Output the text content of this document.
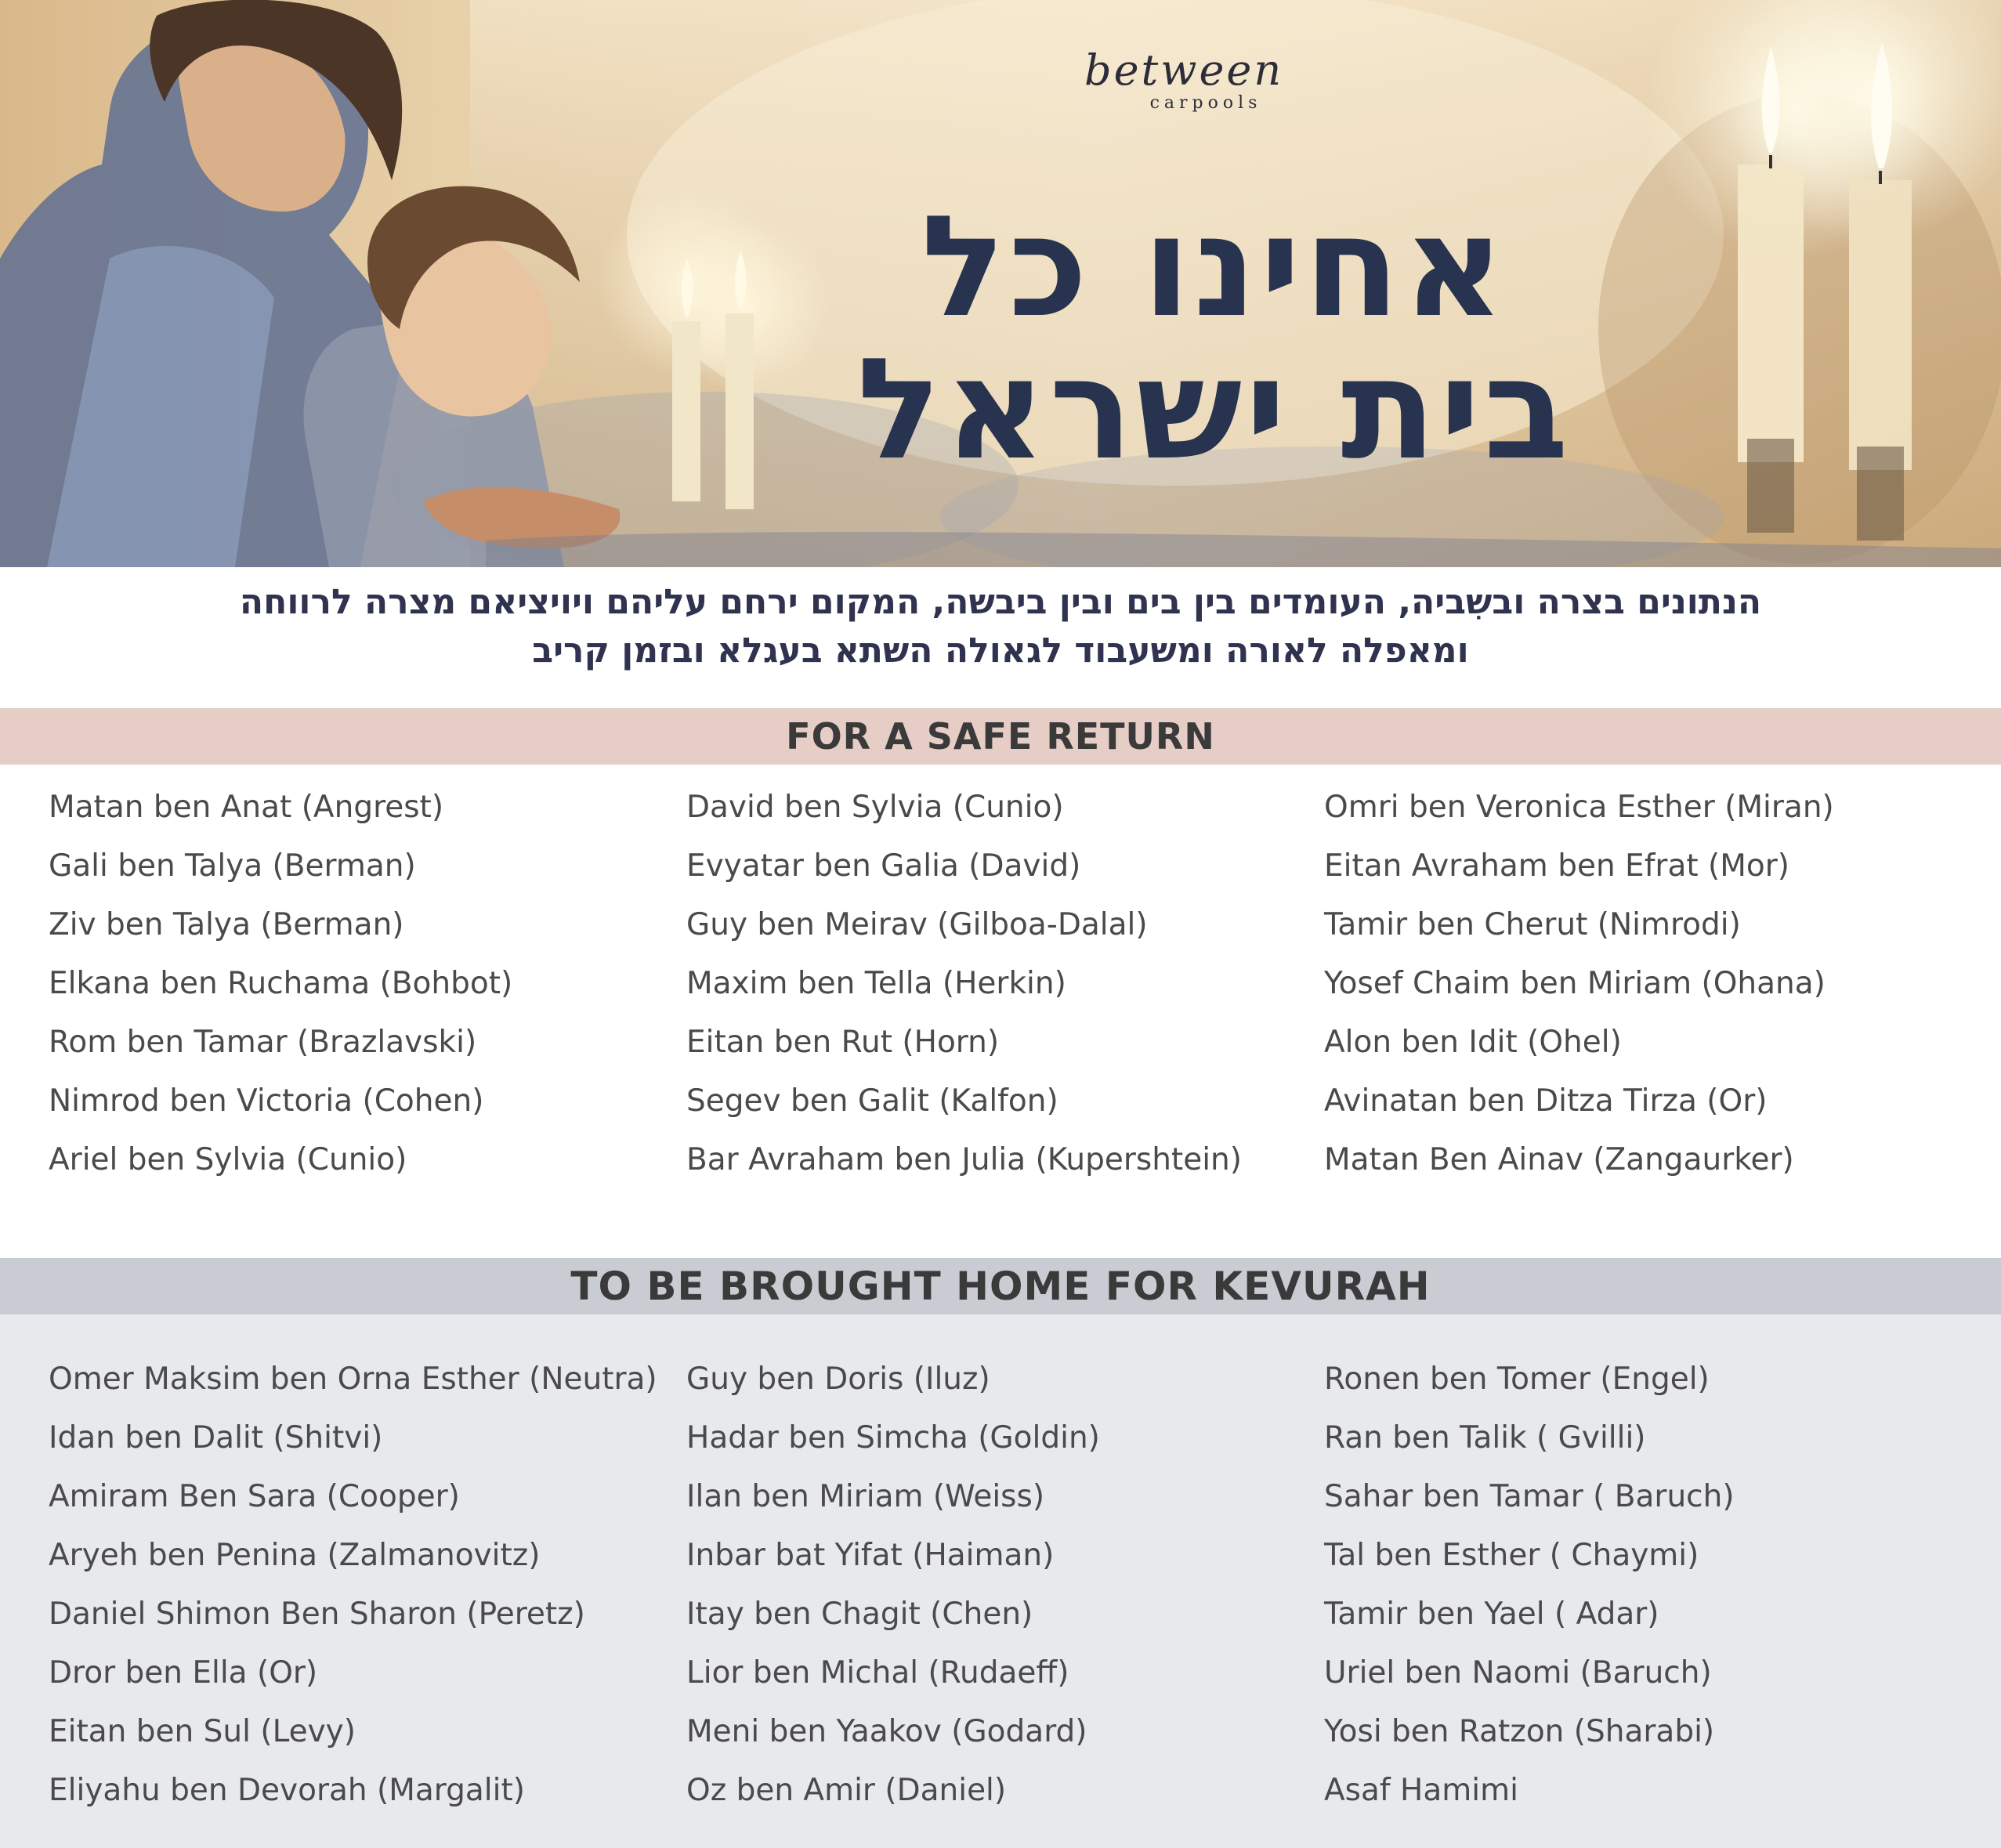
between
carpools
אחינו כל
בית ישראל
הנתונים בצרה ובשִביה, העומדים בין בים ובין ביבשה, המקום ירחם עליהם ויויציאם מצרה לרווחה
ומאפלה לאורה ומשעבוד לגאולה השתא בעגלא ובזמן קריב
FOR A SAFE RETURN
Matan ben Anat (Angrest)
Gali ben Talya (Berman)
Ziv ben Talya (Berman)
Elkana ben Ruchama (Bohbot)
Rom ben Tamar (Brazlavski)
Nimrod ben Victoria (Cohen)
Ariel ben Sylvia (Cunio)
David ben Sylvia (Cunio)
Evyatar ben Galia (David)
Guy ben Meirav (Gilboa-Dalal)
Maxim ben Tella (Herkin)
Eitan ben Rut (Horn)
Segev ben Galit (Kalfon)
Bar Avraham ben Julia (Kupershtein)
Omri ben Veronica Esther (Miran)
Eitan Avraham ben Efrat (Mor)
Tamir ben Cherut (Nimrodi)
Yosef Chaim ben Miriam (Ohana)
Alon ben Idit (Ohel)
Avinatan ben Ditza Tirza (Or)
Matan Ben Ainav (Zangaurker)
TO BE BROUGHT HOME FOR KEVURAH
Omer Maksim ben Orna Esther (Neutra)
Idan ben Dalit (Shitvi)
Amiram Ben Sara (Cooper)
Aryeh ben Penina (Zalmanovitz)
Daniel Shimon Ben Sharon (Peretz)
Dror ben Ella (Or)
Eitan ben Sul (Levy)
Eliyahu ben Devorah (Margalit)
Guy ben Doris (Iluz)
Hadar ben Simcha (Goldin)
Ilan ben Miriam (Weiss)
Inbar bat Yifat (Haiman)
Itay ben Chagit (Chen)
Lior ben Michal (Rudaeff)
Meni ben Yaakov (Godard)
Oz ben Amir (Daniel)
Ronen ben Tomer (Engel)
Ran ben Talik ( Gvilli)
Sahar ben Tamar ( Baruch)
Tal ben Esther ( Chaymi)
Tamir ben Yael ( Adar)
Uriel ben Naomi (Baruch)
Yosi ben Ratzon (Sharabi)
Asaf Hamimi
